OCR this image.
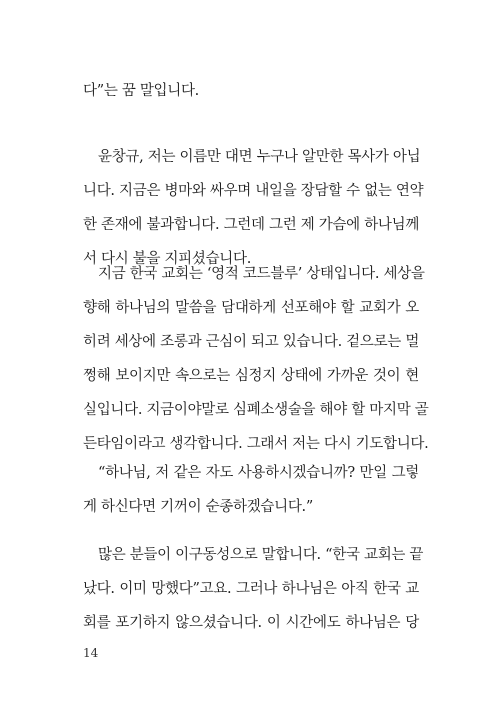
다”는 꿈 말입니다.
윤창규, 저는 이름만 대면 누구나 알만한 목사가 아닙
니다. 지금은 병마와 싸우며 내일을 장담할 수 없는 연약
한 존재에 불과합니다. 그런데 그런 제 가슴에 하나님께
서 다시 불을 지피셨습니다.
지금 한국 교회는 ‘영적 코드블루’ 상태입니다. 세상을
향해 하나님의 말씀을 담대하게 선포해야 할 교회가 오
히려 세상에 조롱과 근심이 되고 있습니다. 겉으로는 멀
쩡해 보이지만 속으로는 심정지 상태에 가까운 것이 현
실입니다. 지금이야말로 심폐소생술을 해야 할 마지막 골
든타임이라고 생각합니다. 그래서 저는 다시 기도합니다.
“하나님, 저 같은 자도 사용하시겠습니까? 만일 그렇
게 하신다면 기꺼이 순종하겠습니다.”
많은 분들이 이구동성으로 말합니다. “한국 교회는 끝
났다. 이미 망했다”고요. 그러나 하나님은 아직 한국 교
회를 포기하지 않으셨습니다. 이 시간에도 하나님은 당
14
